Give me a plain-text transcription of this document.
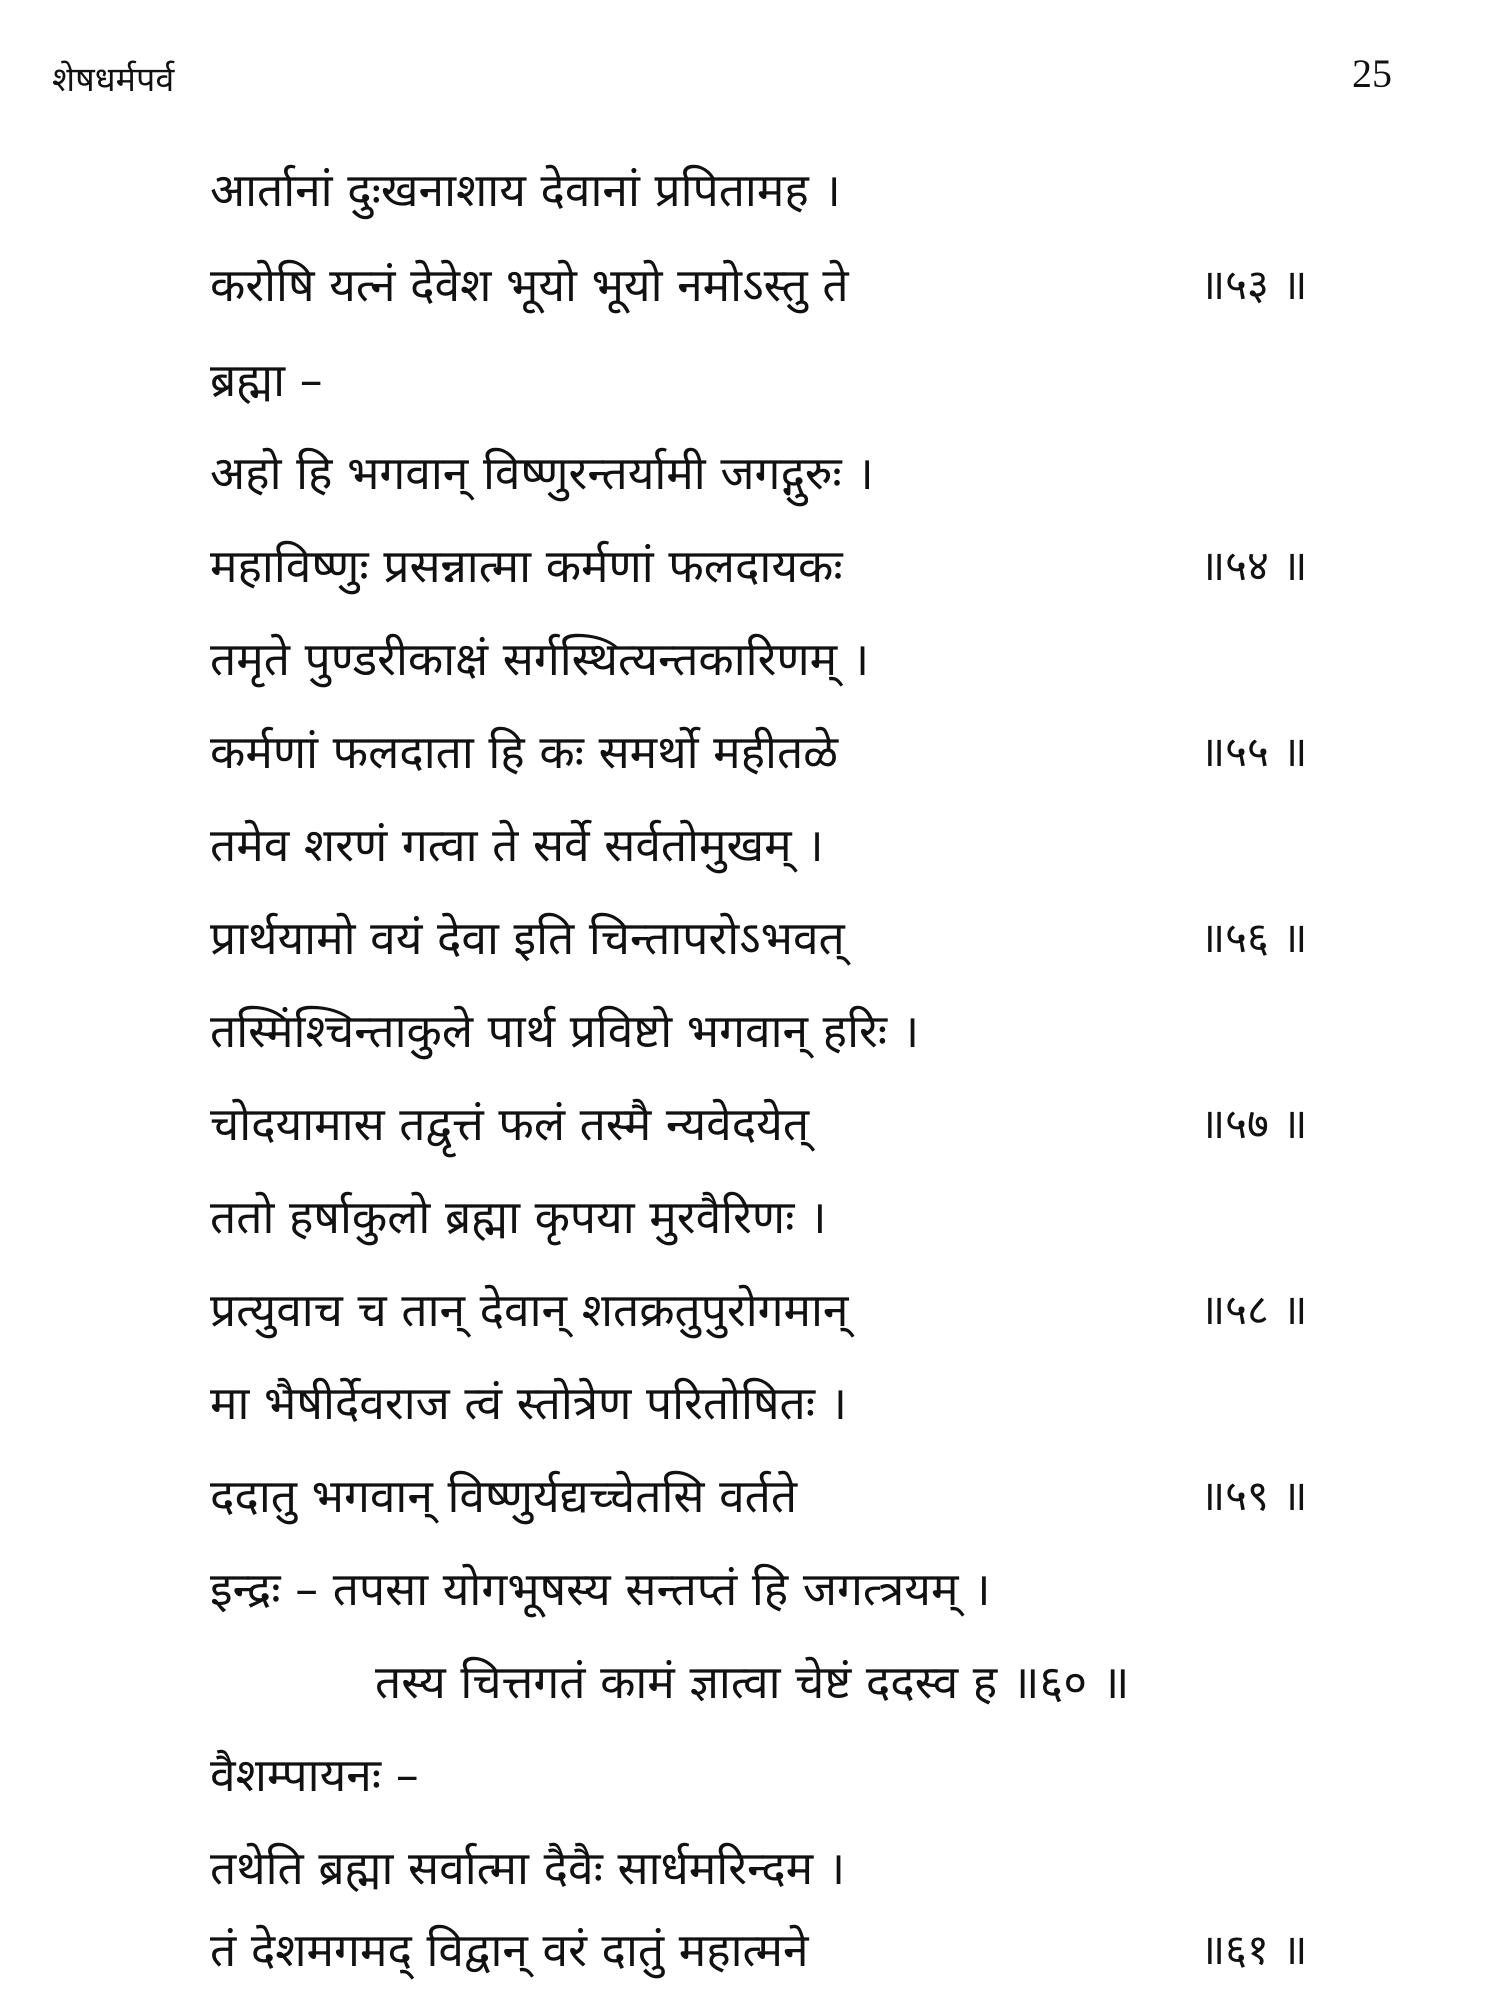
शेषधर्मपर्व	25
आर्तानां दुःखनाशाय देवानां प्रपितामह ।
करोषि यत्नं देवेश भूयो भूयो नमोऽस्तु ते	॥५३ ॥
ब्रह्मा –
अहो हि भगवान् विष्णुरन्तर्यामी जगद्गुरुः ।
महाविष्णुः प्रसन्नात्मा कर्मणां फलदायकः	॥५४ ॥
तमृते पुण्डरीकाक्षं सर्गस्थित्यन्तकारिणम् ।
कर्मणां फलदाता हि कः समर्थो महीतळे	॥५५ ॥
तमेव शरणं गत्वा ते सर्वे सर्वतोमुखम् ।
प्रार्थयामो वयं देवा इति चिन्तापरोऽभवत्	॥५६ ॥
तस्मिंश्चिन्ताकुले पार्थ प्रविष्टो भगवान् हरिः ।
चोदयामास तद्वृत्तं फलं तस्मै न्यवेदयेत्	॥५७ ॥
ततो हर्षाकुलो ब्रह्मा कृपया मुरवैरिणः ।
प्रत्युवाच च तान् देवान् शतक्रतुपुरोगमान्	॥५८ ॥
मा भैषीर्देवराज त्वं स्तोत्रेण परितोषितः ।
ददातु भगवान् विष्णुर्यद्यच्चेतसि वर्तते	॥५९ ॥
इन्द्रः – तपसा योगभूषस्य सन्तप्तं हि जगत्त्रयम् ।
तस्य चित्तगतं कामं ज्ञात्वा चेष्टं ददस्व ह ॥६० ॥
वैशम्पायनः –
तथेति ब्रह्मा सर्वात्मा दैवैः सार्धमरिन्दम ।
तं देशमगमद् विद्वान् वरं दातुं महात्मने	॥६१ ॥
